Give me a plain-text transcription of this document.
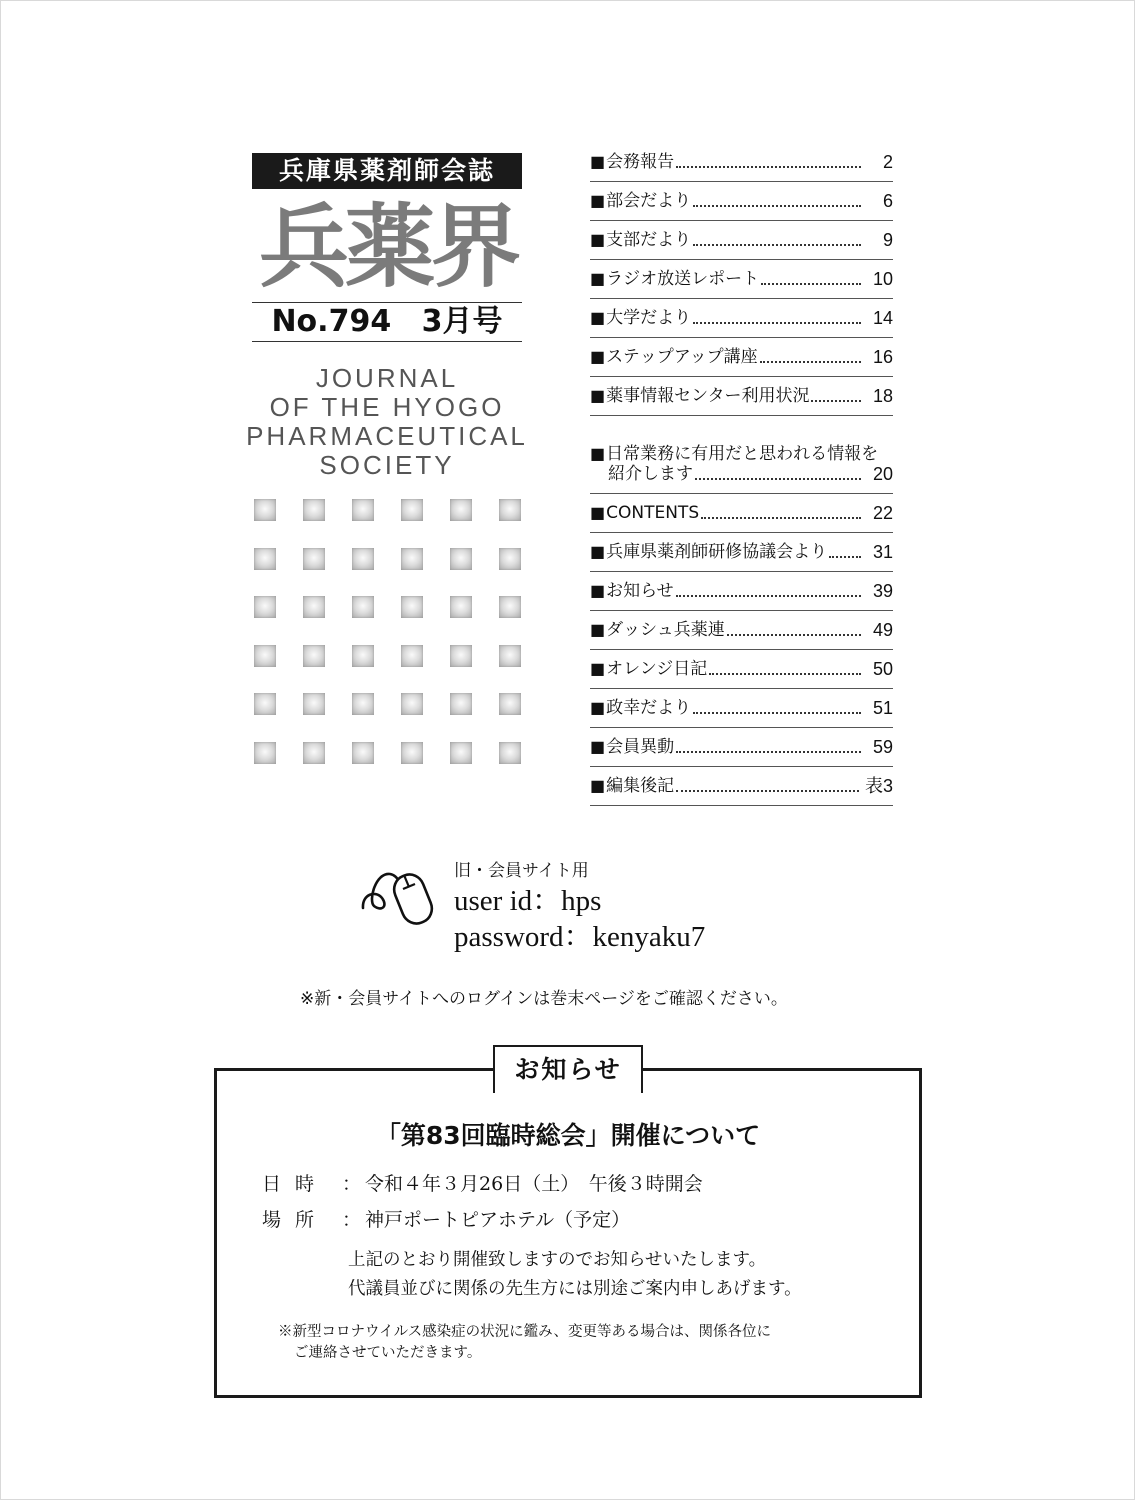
兵庫県薬剤師会誌
兵薬界
No.794 3月号
JOURNAL
OF THE HYOGO
PHARMACEUTICAL
SOCIETY
■ 会務報告	2
■ 部会だより	6
■ 支部だより	9
■ ラジオ放送レポート	10
■ 大学だより	14
■ ステップアップ講座	16
■ 薬事情報センター利用状況	18
■日常業務に有用だと思われる情報を
紹介します	20
■ CONTENTS	22
■ 兵庫県薬剤師研修協議会より	31
■ お知らせ	39
■ ダッシュ兵薬連	49
■ オレンジ日記	50
■ 政幸だより	51
■ 会員異動	59
■ 編集後記	表3
旧・会員サイト用
user id：hps
password：kenyaku7
※新・会員サイトへのログインは巻末ページをご確認ください。
お知らせ
「第83回臨時総会」開催について
日時 ： 令和４年３月26日（土）　午後３時開会
場所 ： 神戸ポートピアホテル（予定）
上記のとおり開催致しますのでお知らせいたします。
代議員並びに関係の先生方には別途ご案内申しあげます。
※新型コロナウイルス感染症の状況に鑑み、変更等ある場合は、関係各位に
ご連絡させていただきます。
